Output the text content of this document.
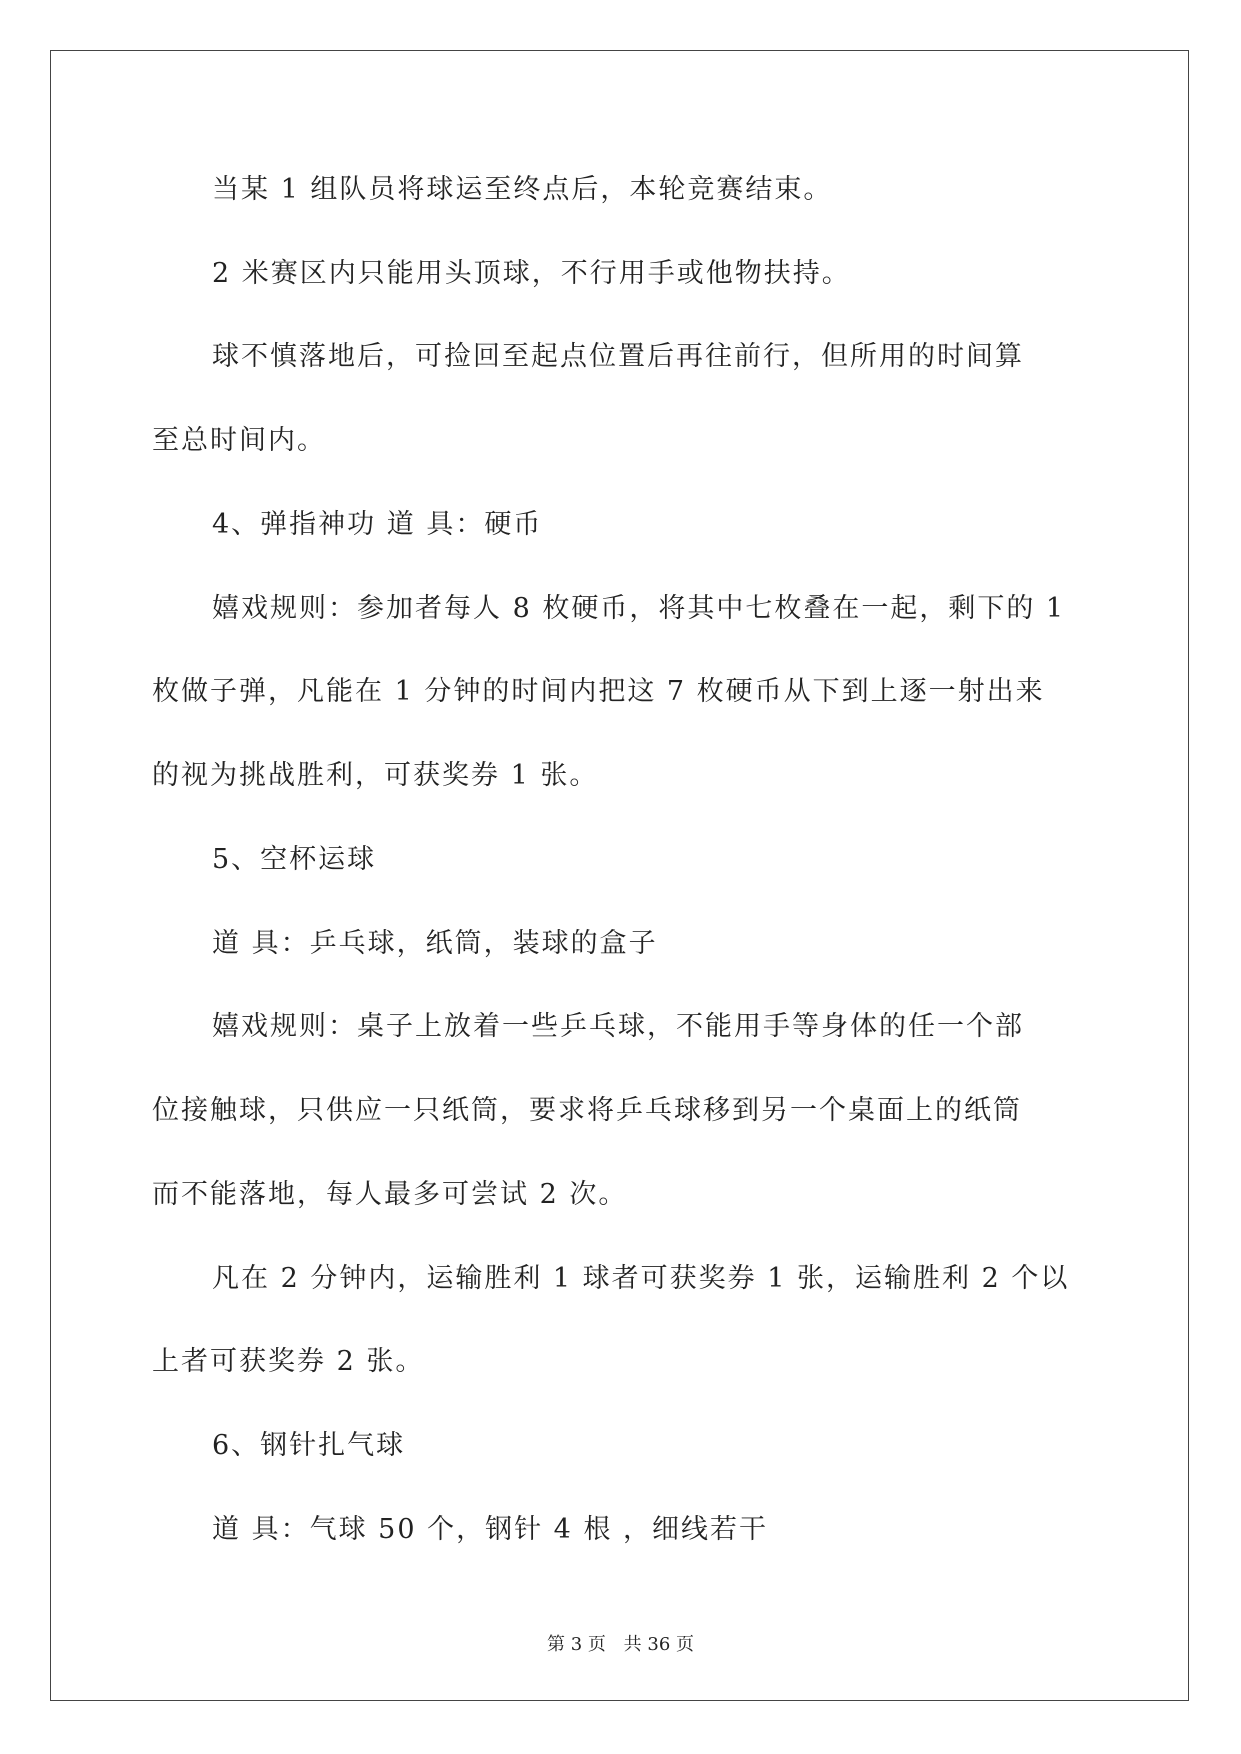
当某 1 组队员将球运至终点后，本轮竞赛结束。
2 米赛区内只能用头顶球，不行用手或他物扶持。
球不慎落地后，可捡回至起点位置后再往前行，但所用的时间算
至总时间内。
4、弹指神功 道 具：硬币
嬉戏规则：参加者每人 8 枚硬币，将其中七枚叠在一起，剩下的 1
枚做子弹，凡能在 1 分钟的时间内把这 7 枚硬币从下到上逐一射出来
的视为挑战胜利，可获奖券 1 张。
5、空杯运球
道 具：乒乓球，纸筒，装球的盒子
嬉戏规则：桌子上放着一些乒乓球，不能用手等身体的任一个部
位接触球，只供应一只纸筒，要求将乒乓球移到另一个桌面上的纸筒
而不能落地，每人最多可尝试 2 次。
凡在 2 分钟内，运输胜利 1 球者可获奖券 1 张，运输胜利 2 个以
上者可获奖券 2 张。
6、钢针扎气球
道 具：气球 50 个，钢针 4 根 ，细线若干
第 3 页 共 36 页
